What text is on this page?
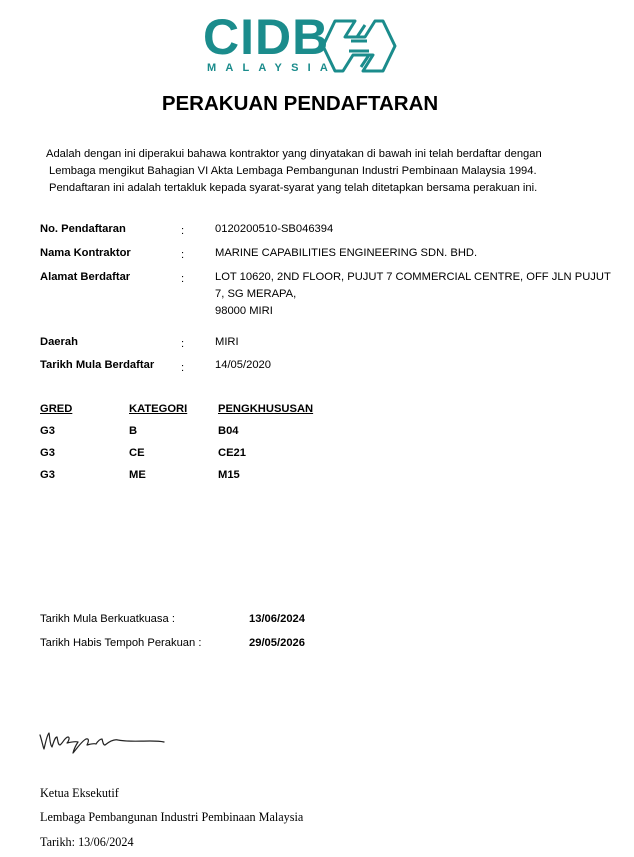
CIDB
MALAYSIA
PERAKUAN PENDAFTARAN
Adalah dengan ini diperakui bahawa kontraktor yang dinyatakan di bawah ini telah berdaftar dengan
Lembaga mengikut Bahagian VI Akta Lembaga Pembangunan Industri Pembinaan Malaysia 1994.
Pendaftaran ini adalah tertakluk kepada syarat-syarat yang telah ditetapkan bersama perakuan ini.
No. Pendaftaran	:	0120200510-SB046394
Nama Kontraktor	:	MARINE CAPABILITIES ENGINEERING SDN. BHD.
Alamat Berdaftar	:	LOT 10620, 2ND FLOOR, PUJUT 7 COMMERCIAL CENTRE, OFF JLN PUJUT
7, SG MERAPA,
98000 MIRI
Daerah	:	MIRI
Tarikh Mula Berdaftar :	14/05/2020
GRED	KATEGORI	PENGKHUSUSAN
G3	B	B04
G3	CE	CE21
G3	ME	M15
Tarikh Mula Berkuatkuasa :	13/06/2024
Tarikh Habis Tempoh Perakuan :	29/05/2026
Ketua Eksekutif
Lembaga Pembangunan Industri Pembinaan Malaysia
Tarikh: 13/06/2024
